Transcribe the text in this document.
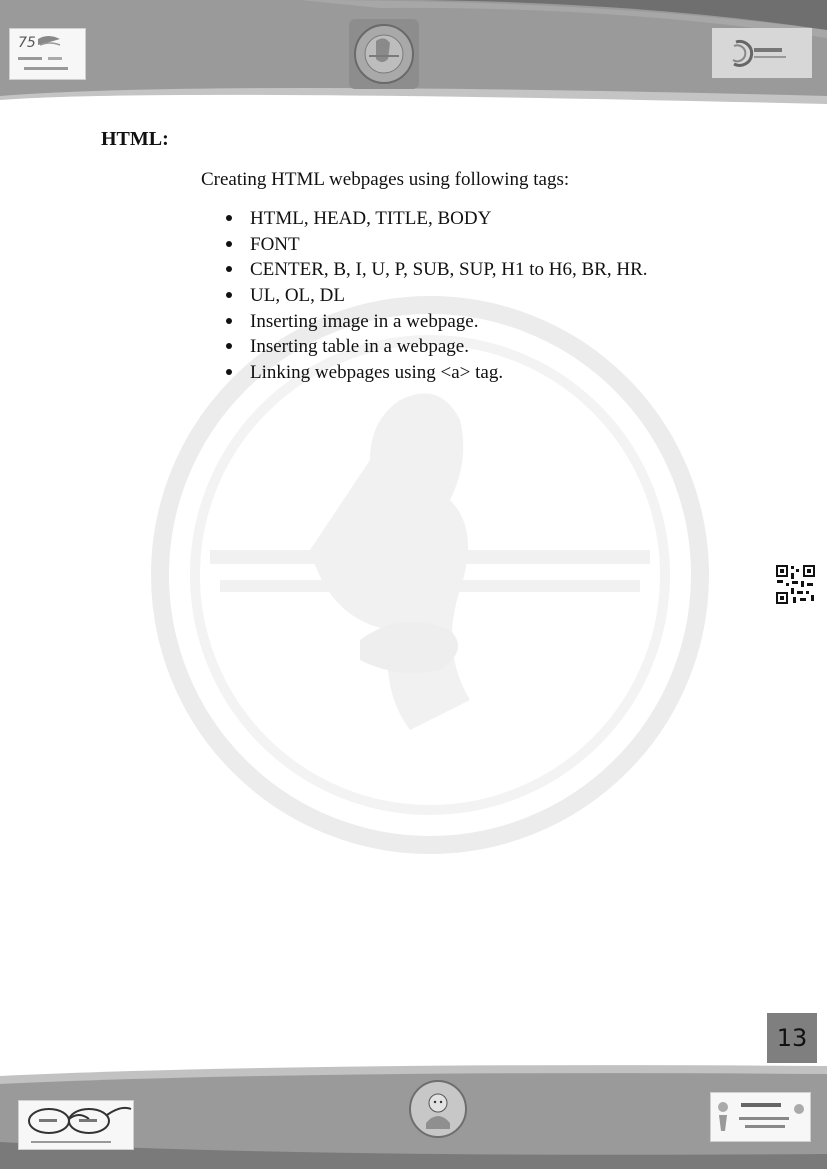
75
HTML:

Creating HTML webpages using following tags:

HTML, HEAD, TITLE, BODY
FONT
CENTER, B, I, U, P, SUB, SUP, H1 to H6, BR, HR.
UL, OL, DL
Inserting image in a webpage.
Inserting table in a webpage.
Linking webpages using <a> tag.
13
